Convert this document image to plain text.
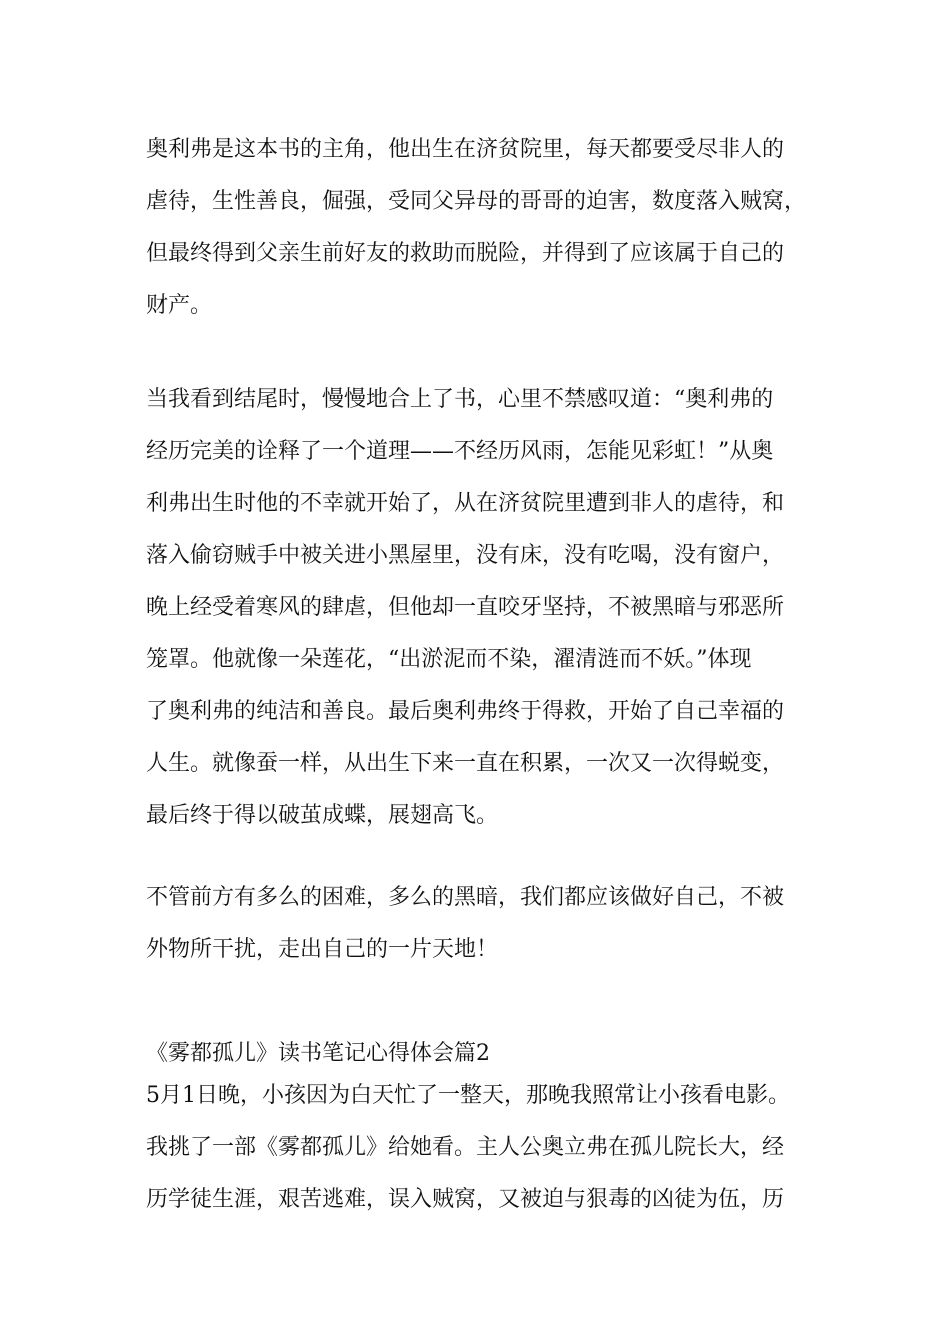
奥利弗是这本书的主角，他出生在济贫院里，每天都要受尽非人的
虐待，生性善良，倔强，受同父异母的哥哥的迫害，数度落入贼窝，
但最终得到父亲生前好友的救助而脱险，并得到了应该属于自己的
财产。
当我看到结尾时，慢慢地合上了书，心里不禁感叹道：“奥利弗的
经历完美的诠释了一个道理——不经历风雨，怎能见彩虹！”从奥
利弗出生时他的不幸就开始了，从在济贫院里遭到非人的虐待，和
落入偷窃贼手中被关进小黑屋里，没有床，没有吃喝，没有窗户，
晚上经受着寒风的肆虐，但他却一直咬牙坚持，不被黑暗与邪恶所
笼罩。他就像一朵莲花，“出淤泥而不染，濯清涟而不妖。”体现
了奥利弗的纯洁和善良。最后奥利弗终于得救，开始了自己幸福的
人生。就像蚕一样，从出生下来一直在积累，一次又一次得蜕变，
最后终于得以破茧成蝶，展翅高飞。
不管前方有多么的困难，多么的黑暗，我们都应该做好自己，不被
外物所干扰，走出自己的一片天地！
《雾都孤儿》读书笔记心得体会篇2
5月1日晚，小孩因为白天忙了一整天，那晚我照常让小孩看电影。
我挑了一部《雾都孤儿》给她看。主人公奥立弗在孤儿院长大，经
历学徒生涯，艰苦逃难，误入贼窝，又被迫与狠毒的凶徒为伍，历
